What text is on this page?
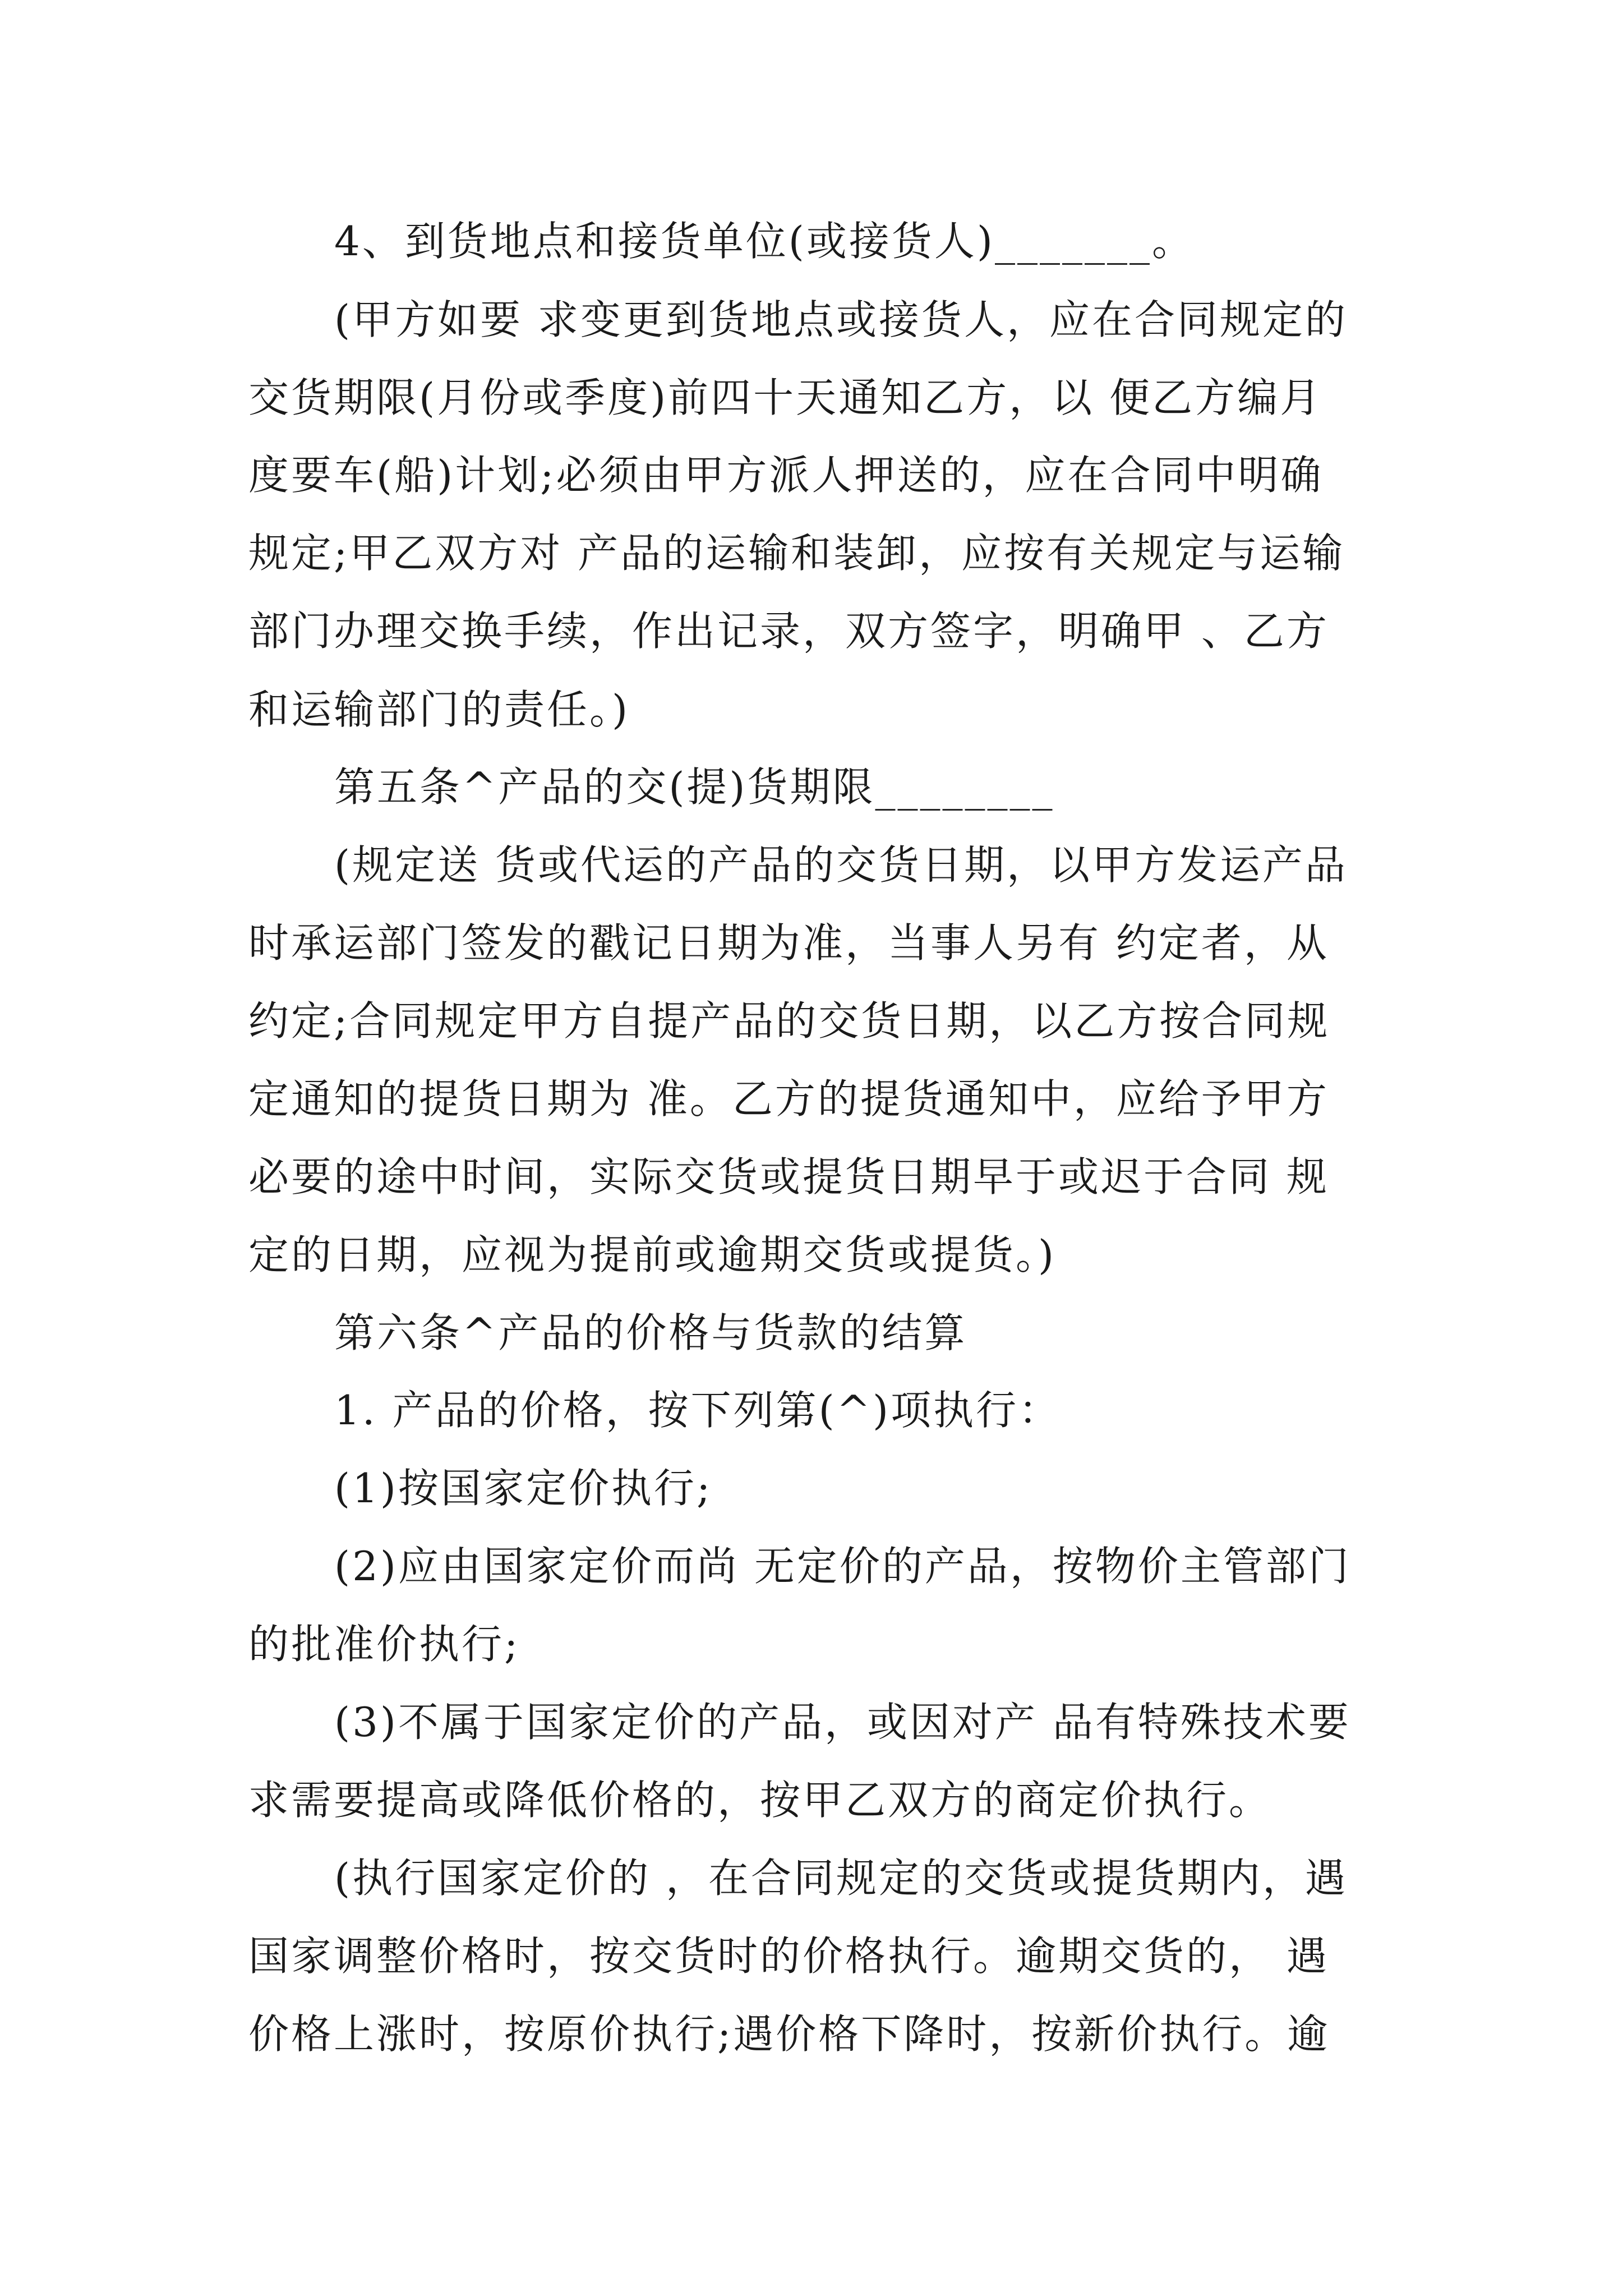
4、到货地点和接货单位(或接货人)_______。
(甲方如要 求变更到货地点或接货人，应在合同规定的
交货期限(月份或季度)前四十天通知乙方，以 便乙方编月
度要车(船)计划;必须由甲方派人押送的，应在合同中明确
规定;甲乙双方对 产品的运输和装卸，应按有关规定与运输
部门办理交换手续，作出记录，双方签字，明确甲 、乙方
和运输部门的责任。)
第五条^产品的交(提)货期限________
(规定送 货或代运的产品的交货日期，以甲方发运产品
时承运部门签发的戳记日期为准，当事人另有 约定者，从
约定;合同规定甲方自提产品的交货日期，以乙方按合同规
定通知的提货日期为 准。乙方的提货通知中，应给予甲方
必要的途中时间，实际交货或提货日期早于或迟于合同 规
定的日期，应视为提前或逾期交货或提货。)
第六条^产品的价格与货款的结算
1. 产品的价格，按下列第(^)项执行：
(1)按国家定价执行;
(2)应由国家定价而尚 无定价的产品，按物价主管部门
的批准价执行;
(3)不属于国家定价的产品，或因对产 品有特殊技术要
求需要提高或降低价格的，按甲乙双方的商定价执行。
(执行国家定价的 ，在合同规定的交货或提货期内，遇
国家调整价格时，按交货时的价格执行。逾期交货的， 遇
价格上涨时，按原价执行;遇价格下降时，按新价执行。逾
